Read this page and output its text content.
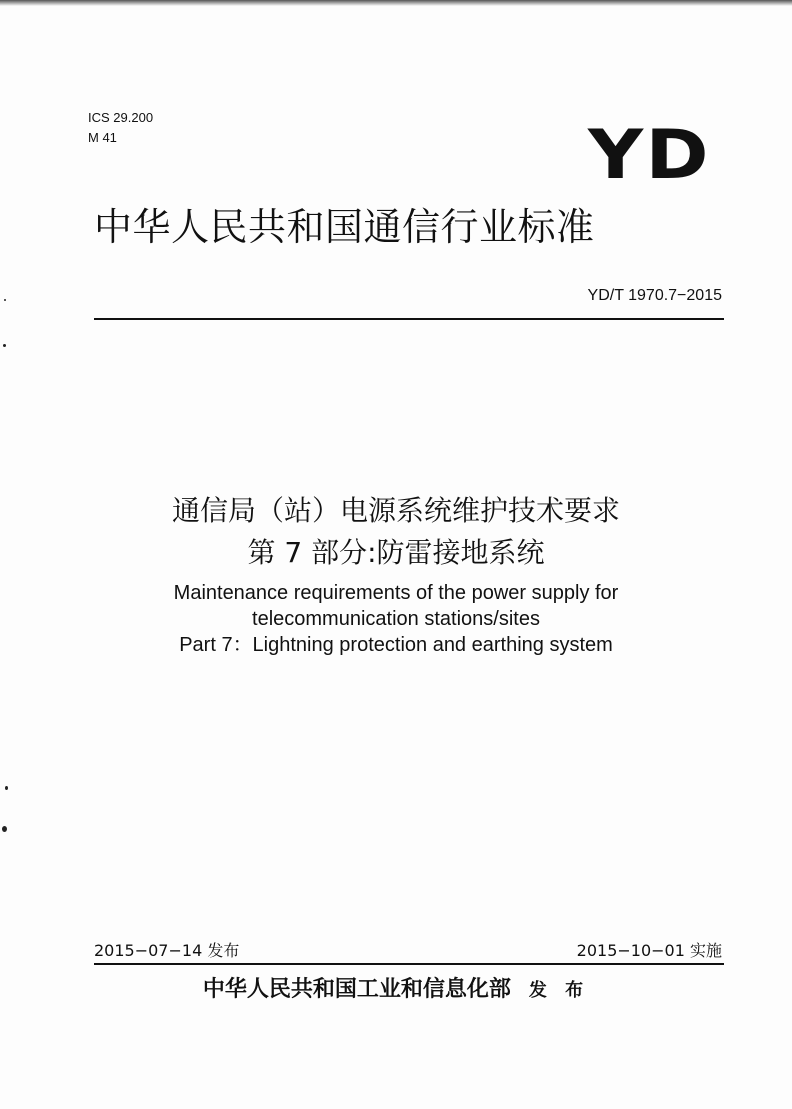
ICS 29.200
M 41	YD
中华人民共和国通信行业标准
YD/T 1970.7−2015
通信局（站）电源系统维护技术要求
第 7 部分:防雷接地系统
Maintenance requirements of the power supply for
telecommunication stations/sites
Part 7：Lightning protection and earthing system
2015−07−14 发布	2015−10−01 实施
中华人民共和国工业和信息化部 发 布
